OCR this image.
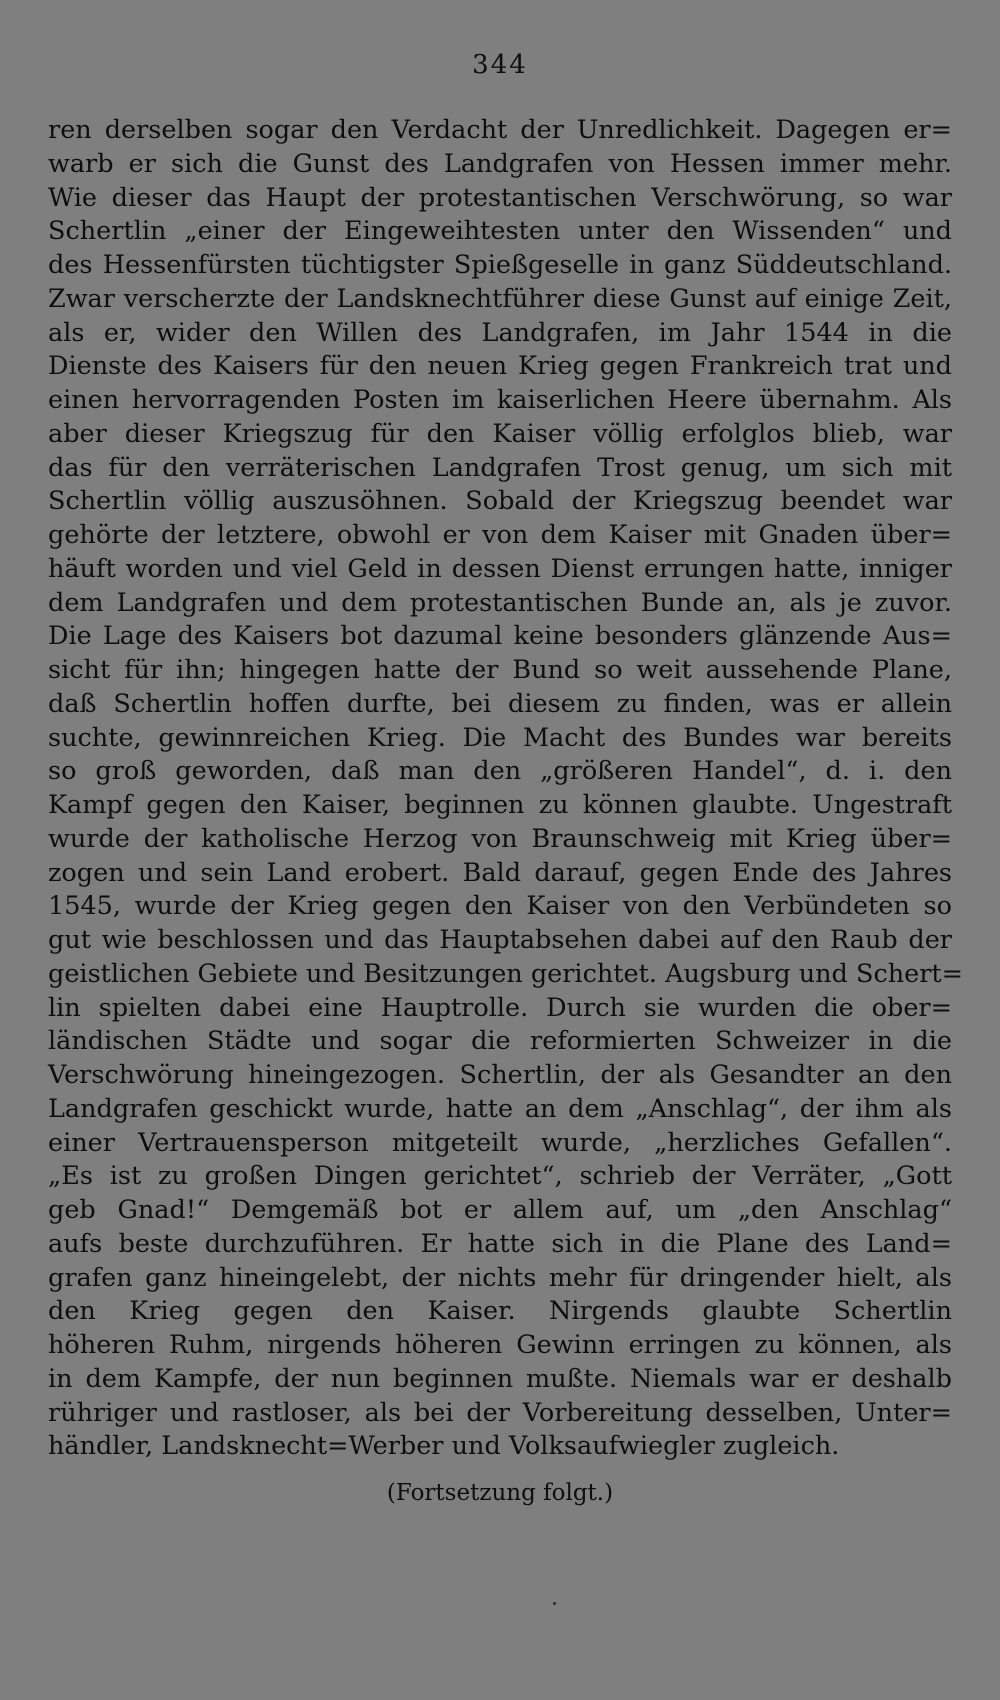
344
ren derselben sogar den Verdacht der Unredlichkeit. Dagegen er=
warb er sich die Gunst des Landgrafen von Hessen immer mehr.
Wie dieser das Haupt der protestantischen Verschwörung, so war
Schertlin „einer der Eingeweihtesten unter den Wissenden“ und
des Hessenfürsten tüchtigster Spießgeselle in ganz Süddeutschland.
Zwar verscherzte der Landsknechtführer diese Gunst auf einige Zeit,
als er, wider den Willen des Landgrafen, im Jahr 1544 in die
Dienste des Kaisers für den neuen Krieg gegen Frankreich trat und
einen hervorragenden Posten im kaiserlichen Heere übernahm. Als
aber dieser Kriegszug für den Kaiser völlig erfolglos blieb, war
das für den verräterischen Landgrafen Trost genug, um sich mit
Schertlin völlig auszusöhnen. Sobald der Kriegszug beendet war
gehörte der letztere, obwohl er von dem Kaiser mit Gnaden über=
häuft worden und viel Geld in dessen Dienst errungen hatte, inniger
dem Landgrafen und dem protestantischen Bunde an, als je zuvor.
Die Lage des Kaisers bot dazumal keine besonders glänzende Aus=
sicht für ihn; hingegen hatte der Bund so weit aussehende Plane,
daß Schertlin hoffen durfte, bei diesem zu finden, was er allein
suchte, gewinnreichen Krieg. Die Macht des Bundes war bereits
so groß geworden, daß man den „größeren Handel“, d. i. den
Kampf gegen den Kaiser, beginnen zu können glaubte. Ungestraft
wurde der katholische Herzog von Braunschweig mit Krieg über=
zogen und sein Land erobert. Bald darauf, gegen Ende des Jahres
1545, wurde der Krieg gegen den Kaiser von den Verbündeten so
gut wie beschlossen und das Hauptabsehen dabei auf den Raub der
geistlichen Gebiete und Besitzungen gerichtet. Augsburg und Schert=
lin spielten dabei eine Hauptrolle. Durch sie wurden die ober=
ländischen Städte und sogar die reformierten Schweizer in die
Verschwörung hineingezogen. Schertlin, der als Gesandter an den
Landgrafen geschickt wurde, hatte an dem „Anschlag“, der ihm als
einer Vertrauensperson mitgeteilt wurde, „herzliches Gefallen“.
„Es ist zu großen Dingen gerichtet“, schrieb der Verräter, „Gott
geb Gnad!“ Demgemäß bot er allem auf, um „den Anschlag“
aufs beste durchzuführen. Er hatte sich in die Plane des Land=
grafen ganz hineingelebt, der nichts mehr für dringender hielt, als
den Krieg gegen den Kaiser. Nirgends glaubte Schertlin
höheren Ruhm, nirgends höheren Gewinn erringen zu können, als
in dem Kampfe, der nun beginnen mußte. Niemals war er deshalb
rühriger und rastloser, als bei der Vorbereitung desselben, Unter=
händler, Landsknecht=Werber und Volksaufwiegler zugleich.
(Fortsetzung folgt.)
